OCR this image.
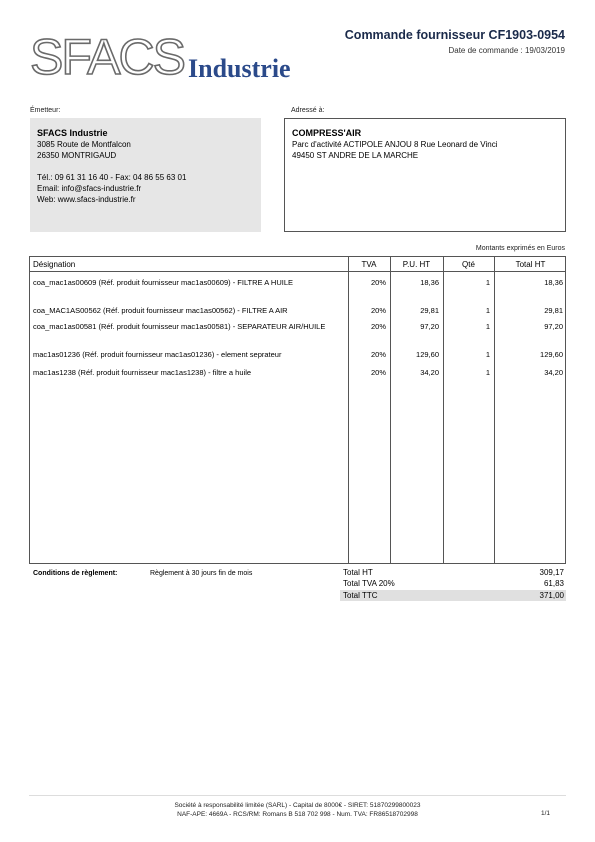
SFACS Industrie
Commande fournisseur CF1903-0954
Date de commande : 19/03/2019
Émetteur:	Adressé à:
SFACS Industrie
3085 Route de Montfalcon
26350 MONTRIGAUD
Tél.: 09 61 31 16 40 - Fax: 04 86 55 63 01
Email: info@sfacs-industrie.fr
Web: www.sfacs-industrie.fr
COMPRESS'AIR
Parc d'activité ACTIPOLE ANJOU 8 Rue Leonard de Vinci
49450 ST ANDRE DE LA MARCHE
Montants exprimés en Euros
Désignation	TVA	P.U. HT	Qté	Total HT
coa_mac1as00609 (Réf. produit fournisseur mac1as00609) - FILTRE A HUILE	20%	18,36	1	18,36
coa_MAC1AS00562 (Réf. produit fournisseur mac1as00562) - FILTRE A AIR	20%	29,81	1	29,81
coa_mac1as00581 (Réf. produit fournisseur mac1as00581) - SEPARATEUR AIR/HUILE	20%	97,20	1	97,20
mac1as01236 (Réf. produit fournisseur mac1as01236) - element seprateur	20%	129,60	1	129,60
mac1as1238 (Réf. produit fournisseur mac1as1238) - filtre a huile	20%	34,20	1	34,20
Conditions de règlement:	Règlement à 30 jours fin de mois	Total HT	309,17
Total TVA 20%	61,83
Total TTC	371,00
Société à responsabilité limitée (SARL) - Capital de 8000€ - SIRET: 51870299800023
NAF-APE: 4669A - RCS/RM: Romans B 518 702 998 - Num. TVA: FR86518702998	1/1
